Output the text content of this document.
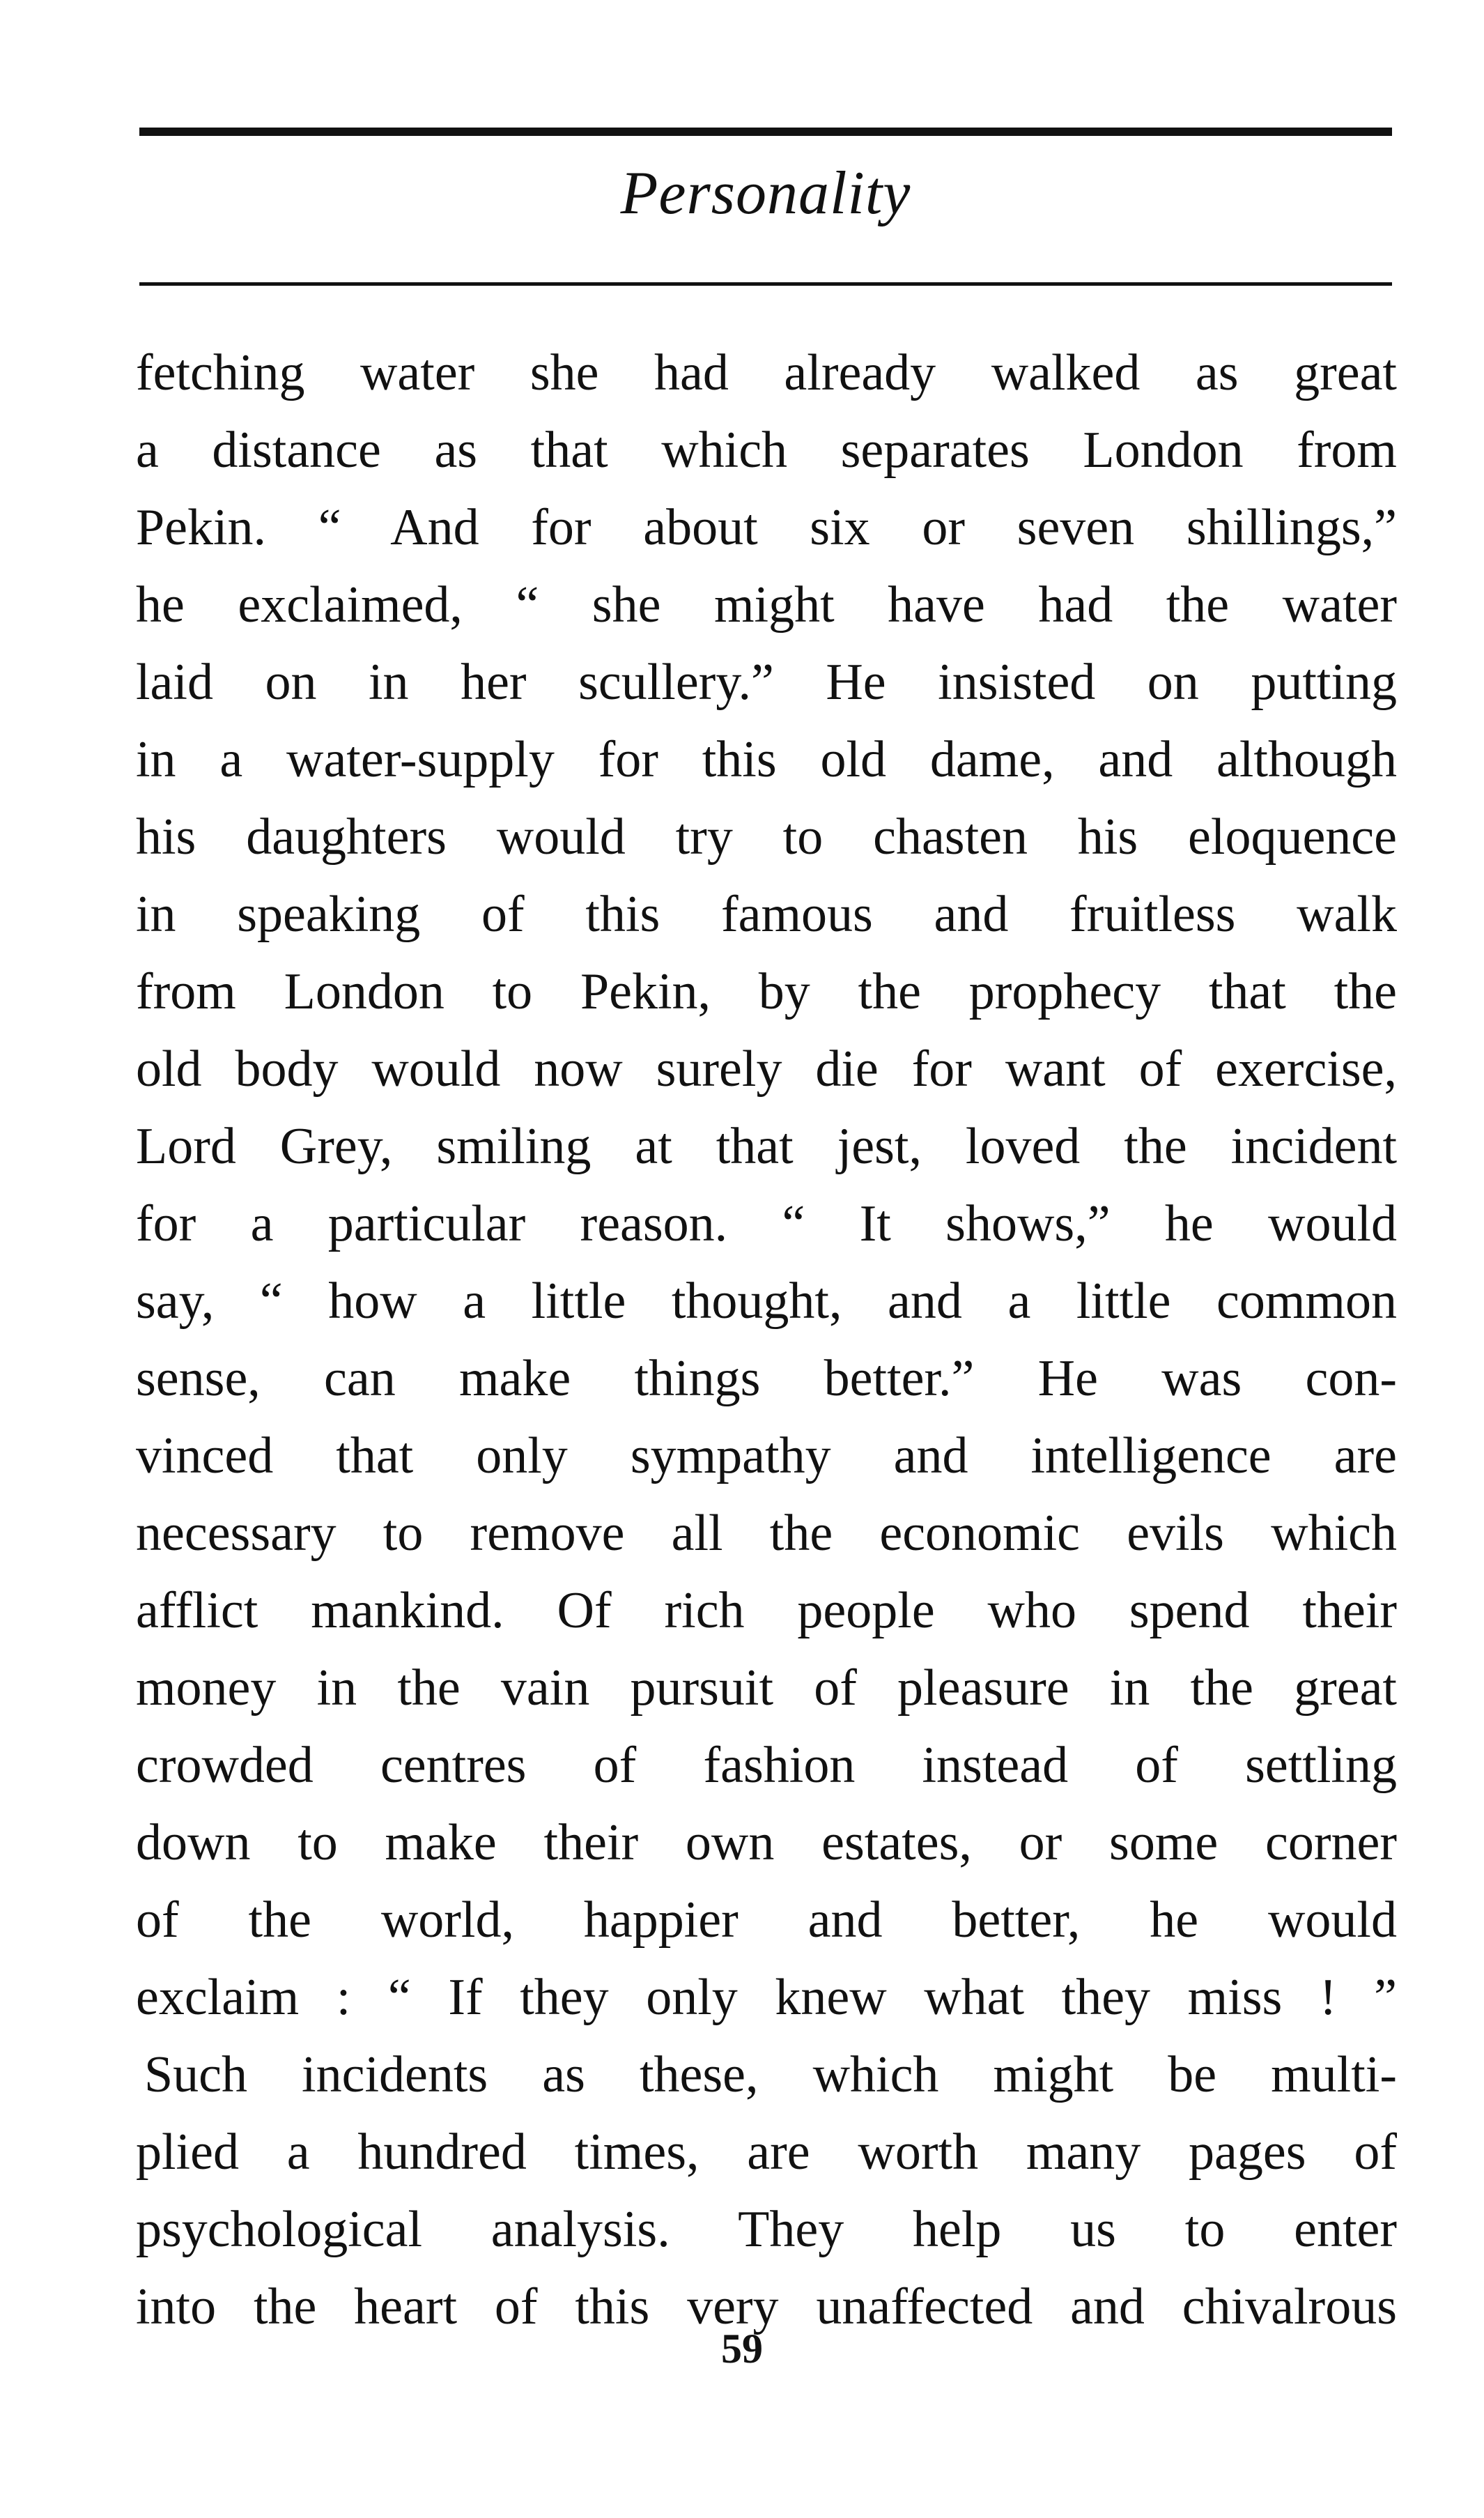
Personality
fetching water she had already walked as great
a distance as that which separates London from
Pekin. “ And for about six or seven shillings,”
he exclaimed, “ she might have had the water
laid on in her scullery.” He insisted on putting
in a water-supply for this old dame, and although
his daughters would try to chasten his eloquence
in speaking of this famous and fruitless walk
from London to Pekin, by the prophecy that the
old body would now surely die for want of exercise,
Lord Grey, smiling at that jest, loved the incident
for a particular reason. “ It shows,” he would
say, “ how a little thought, and a little common
sense, can make things better.” He was con-
vinced that only sympathy and intelligence are
necessary to remove all the economic evils which
afflict mankind. Of rich people who spend their
money in the vain pursuit of pleasure in the great
crowded centres of fashion instead of settling
down to make their own estates, or some corner
of the world, happier and better, he would
exclaim : “ If they only knew what they miss ! ”
Such incidents as these, which might be multi-
plied a hundred times, are worth many pages of
psychological analysis. They help us to enter
into the heart of this very unaffected and chivalrous
59
